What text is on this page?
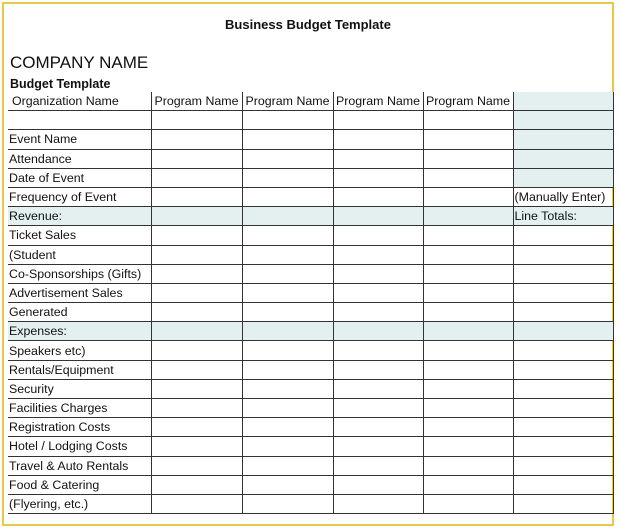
Business Budget Template
COMPANY NAME
Budget Template
Organization Name	Program Name	Program Name	Program Name	Program Name	

Event Name					
Attendance					
Date of Event					
Frequency of Event					(Manually Enter)
Revenue:					Line Totals:
Ticket Sales					
(Student					
Co-Sponsorships (Gifts)					
Advertisement Sales					
Generated					
Expenses:					
Speakers etc)					
Rentals/Equipment					
Security					
Facilities Charges					
Registration Costs					
Hotel / Lodging Costs					
Travel & Auto Rentals					
Food & Catering					
(Flyering, etc.)					
